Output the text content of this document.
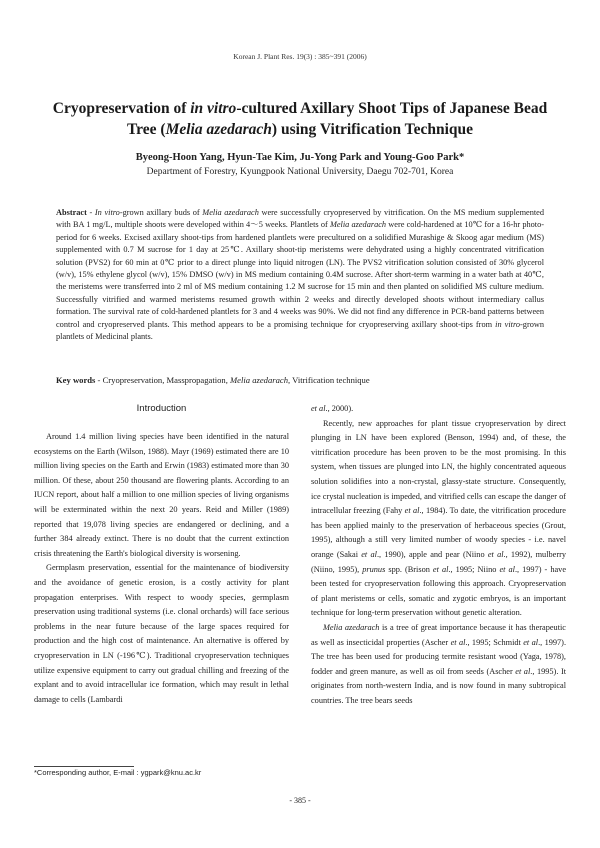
Korean J. Plant Res. 19(3) : 385~391 (2006)
Cryopreservation of in vitro-cultured Axillary Shoot Tips of Japanese Bead Tree (Melia azedarach) using Vitrification Technique
Byeong-Hoon Yang, Hyun-Tae Kim, Ju-Yong Park and Young-Goo Park*
Department of Forestry, Kyungpook National University, Daegu 702-701, Korea
Abstract - In vitro-grown axillary buds of Melia azedarach were successfully cryopreserved by vitrification. On the MS medium supplemented with BA 1 mg/L, multiple shoots were developed within 4～5 weeks. Plantlets of Melia azedarach were cold-hardened at 10℃ for a 16-hr photo-period for 6 weeks. Excised axillary shoot-tips from hardened plantlets were precultured on a solidified Murashige & Skoog agar medium (MS) supplemented with 0.7 M sucrose for 1 day at 25℃. Axillary shoot-tip meristems were dehydrated using a highly concentrated vitrification solution (PVS2) for 60 min at 0℃ prior to a direct plunge into liquid nitrogen (LN). The PVS2 vitrification solution consisted of 30% glycerol (w/v), 15% ethylene glycol (w/v), 15% DMSO (w/v) in MS medium containing 0.4M sucrose. After short-term warming in a water bath at 40℃, the meristems were transferred into 2 ml of MS medium containing 1.2 M sucrose for 15 min and then planted on solidified MS culture medium. Successfully vitrified and warmed meristems resumed growth within 2 weeks and directly developed shoots without intermediary callus formation. The survival rate of cold-hardened plantlets for 3 and 4 weeks was 90%. We did not find any difference in PCR-band patterns between control and cryopreserved plants. This method appears to be a promising technique for cryopreserving axillary shoot-tips from in vitro-grown plantlets of Medicinal plants.
Key words - Cryopreservation, Masspropagation, Melia azedarach, Vitrification technique
Introduction

Around 1.4 million living species have been identified in the natural ecosystems on the Earth (Wilson, 1988). Mayr (1969) estimated there are 10 million living species on the Earth and Erwin (1983) estimated more than 30 million. Of these, about 250 thousand are flowering plants. According to an IUCN report, about half a million to one million species of living organisms will be exterminated within the next 20 years. Reid and Miller (1989) reported that 19,078 living species are endangered or declining, and a further 384 already extinct. There is no doubt that the current extinction crisis threatening the Earth's biological diversity is worsening.

Germplasm preservation, essential for the maintenance of biodiversity and the avoidance of genetic erosion, is a costly activity for plant propagation enterprises. With respect to woody species, germplasm preservation using traditional systems (i.e. clonal orchards) will face serious problems in the near future because of the large spaces required for production and the high cost of maintenance. An alternative is offered by cryopreservation in LN (-196℃). Traditional cryopreservation techniques utilize expensive equipment to carry out gradual chilling and freezing of the explant and to avoid intracellular ice formation, which may result in lethal damage to cells (Lambardi

et al., 2000).

Recently, new approaches for plant tissue cryopreservation by direct plunging in LN have been explored (Benson, 1994) and, of these, the vitrification procedure has been proven to be the most promising. In this system, when tissues are plunged into LN, the highly concentrated aqueous solution solidifies into a non-crystal, glassy-state structure. Consequently, ice crystal nucleation is impeded, and vitrified cells can escape the danger of intracellular freezing (Fahy et al., 1984). To date, the vitrification procedure has been applied mainly to the preservation of herbaceous species (Grout, 1995), although a still very limited number of woody species - i.e. navel orange (Sakai et al., 1990), apple and pear (Niino et al., 1992), mulberry (Niino, 1995), prunus spp. (Brison et al., 1995; Niino et al., 1997) - have been tested for cryopreservation following this approach. Cryopreservation of plant meristems or cells, somatic and zygotic embryos, is an important technique for long-term preservation without genetic alteration.

Melia azedarach is a tree of great importance because it has therapeutic as well as insecticidal properties (Ascher et al., 1995; Schmidt et al., 1997). The tree has been used for producing termite resistant wood (Yaga, 1978), fodder and green manure, as well as oil from seeds (Ascher et al., 1995). It originates from north-western India, and is now found in many subtropical countries. The tree bears seeds

*Corresponding author, E-mail : ygpark@knu.ac.kr
- 385 -
